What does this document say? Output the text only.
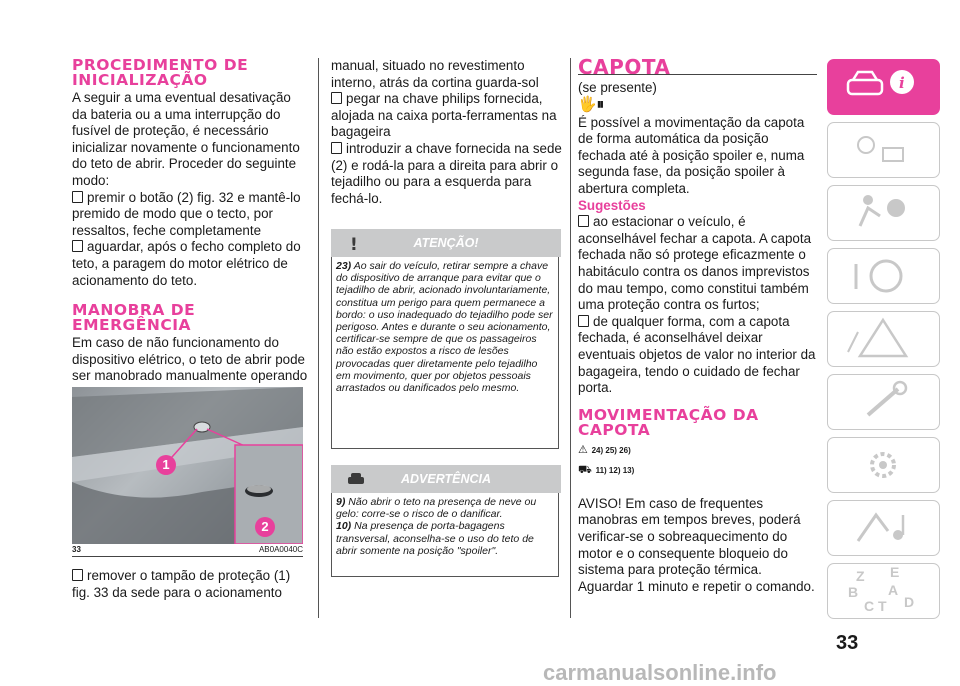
PROCEDIMENTO DE INICIALIZAÇÃO

A seguir a uma eventual desativação da bateria ou a uma interrupção do fusível de proteção, é necessário inicializar novamente o funcionamento do teto de abrir. Proceder do seguinte modo:

premir o botão (2) fig. 32 e mantê-lo premido de modo que o tecto, por ressaltos, feche completamente

aguardar, após o fecho completo do teto, a paragem do motor elétrico de acionamento do teto.

MANOBRA DE EMERGÊNCIA

Em caso de não funcionamento do dispositivo elétrico, o teto de abrir pode ser manobrado manualmente operando

1
2
33	AB0A0040C

remover o tampão de proteção (1) fig. 33 da sede para o acionamento

manual, situado no revestimento interno, atrás da cortina guarda-sol

pegar na chave philips fornecida, alojada na caixa porta-ferramentas na bagageira

introduzir a chave fornecida na sede (2) e rodá-la para a direita para abrir o tejadilho ou para a esquerda para fechá-lo.

!	ATENÇÃO!
23) Ao sair do veículo, retirar sempre a chave do dispositivo de arranque para evitar que o tejadilho de abrir, acionado involuntariamente, constitua um perigo para quem permanece a bordo: o uso inadequado do tejadilho pode ser perigoso. Antes e durante o seu acionamento, certificar-se sempre de que os passageiros não estão expostos a risco de lesões provocadas quer diretamente pelo tejadilho em movimento, quer por objetos pessoais arrastados ou danificados pelo mesmo.
ADVERTÊNCIA
9) Não abrir o teto na presença de neve ou gelo: corre-se o risco de o danificar.
10) Na presença de porta-bagagens transversal, aconselha-se o uso do teto de abrir somente na posição "spoiler".

CAPOTA

(se presente)

🖐⏸

É possível a movimentação da capota de forma automática da posição fechada até à posição spoiler e, numa segunda fase, da posição spoiler à abertura completa.

Sugestões

ao estacionar o veículo, é aconselhável fechar a capota. A capota fechada não só protege eficazmente o habitáculo contra os danos imprevistos do mau tempo, como constitui também uma proteção contra os furtos;

de qualquer forma, com a capota fechada, é aconselhável deixar eventuais objetos de valor no interior da bagageira, tendo o cuidado de fechar porta.

MOVIMENTAÇÃO DA CAPOTA

⚠ 24) 25) 26)
⛟ 11) 12) 13)

AVISO! Em caso de frequentes manobras em tempos breves, poderá verificar-se o sobreaquecimento do motor e o consequente bloqueio do sistema para proteção térmica. Aguardar 1 minuto e repetir o comando.

i
Z E
B A
C T D
33
carmanualsonline.info
